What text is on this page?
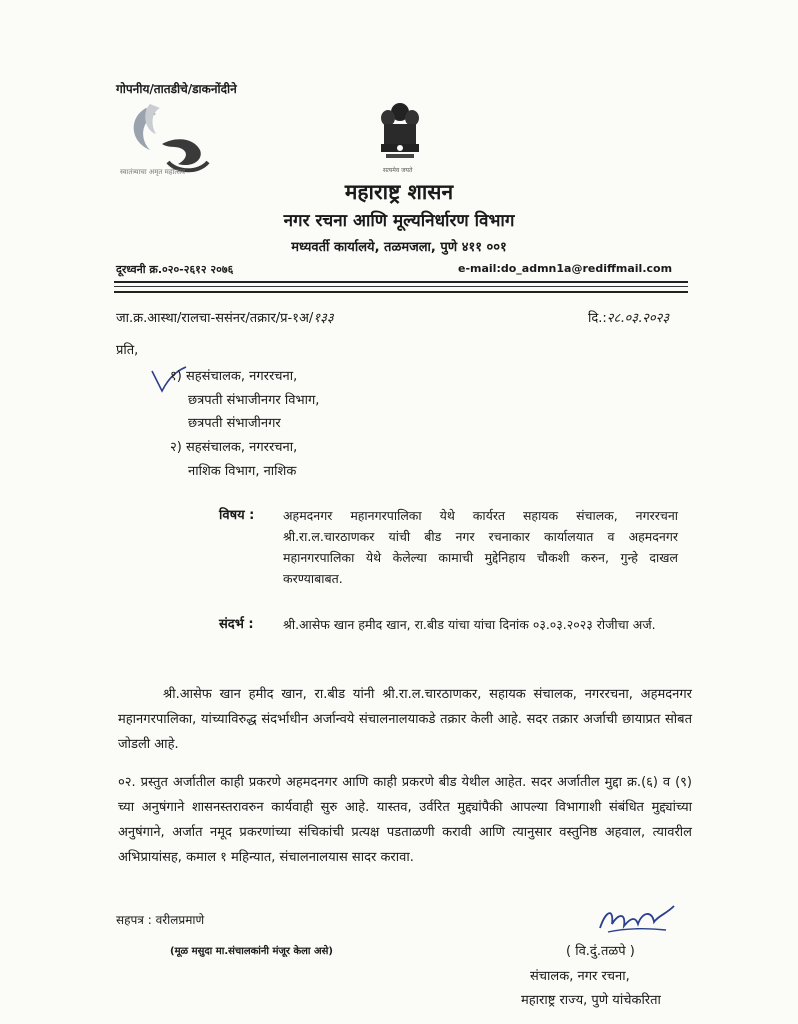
गोपनीय/तातडीचे/डाकनोंदीने
स्वातंत्र्याचा अमृत महोत्सव	सत्यमेव जयते
महाराष्ट्र शासन
नगर रचना आणि मूल्यनिर्धारण विभाग
मध्यवर्ती कार्यालये, तळमजला, पुणे ४११ ००१
दूरध्वनी क्र.०२०-२६१२ २०७६	e-mail:do_admn1a@rediffmail.com
जा.क्र.आस्था/रालचा-ससंनर/तक्रार/प्र-१अ/१३३	दि.:२८.०३.२०२३
प्रति,
१) सहसंचालक, नगररचना,
छत्रपती संभाजीनगर विभाग,
छत्रपती संभाजीनगर
२) सहसंचालक, नगररचना,
नाशिक विभाग, नाशिक
विषय : अहमदनगर महानगरपालिका येथे कार्यरत सहायक संचालक, नगररचना श्री.रा.ल.चारठाणकर यांची बीड नगर रचनाकार कार्यालयात व अहमदनगर महानगरपालिका येथे केलेल्या कामाची मुद्देनिहाय चौकशी करुन, गुन्हे दाखल करण्याबाबत.
संदर्भ : श्री.आसेफ खान हमीद खान, रा.बीड यांचा यांचा दिनांक ०३.०३.२०२३ रोजीचा अर्ज.
श्री.आसेफ खान हमीद खान, रा.बीड यांनी श्री.रा.ल.चारठाणकर, सहायक संचालक, नगररचना, अहमदनगर महानगरपालिका, यांच्याविरुद्ध संदर्भाधीन अर्जान्वये संचालनालयाकडे तक्रार केली आहे. सदर तक्रार अर्जाची छायाप्रत सोबत जोडली आहे.
०२. प्रस्तुत अर्जातील काही प्रकरणे अहमदनगर आणि काही प्रकरणे बीड येथील आहेत. सदर अर्जातील मुद्दा क्र.(६) व (९) च्या अनुषंगाने शासनस्तरावरुन कार्यवाही सुरु आहे. यास्तव, उर्वरित मुद्द्यांपैकी आपल्या विभागाशी संबंधित मुद्द्यांच्या अनुषंगाने, अर्जात नमूद प्रकरणांच्या संचिकांची प्रत्यक्ष पडताळणी करावी आणि त्यानुसार वस्तुनिष्ठ अहवाल, त्यावरील अभिप्रायांसह, कमाल १ महिन्यात, संचालनालयास सादर करावा.
सहपत्र : वरीलप्रमाणे
(मूळ मसुदा मा.संचालकांनी मंजूर केला असे)	( वि.दुं.तळपे )
संचालक, नगर रचना,
महाराष्ट्र राज्य, पुणे यांचेकरिता
